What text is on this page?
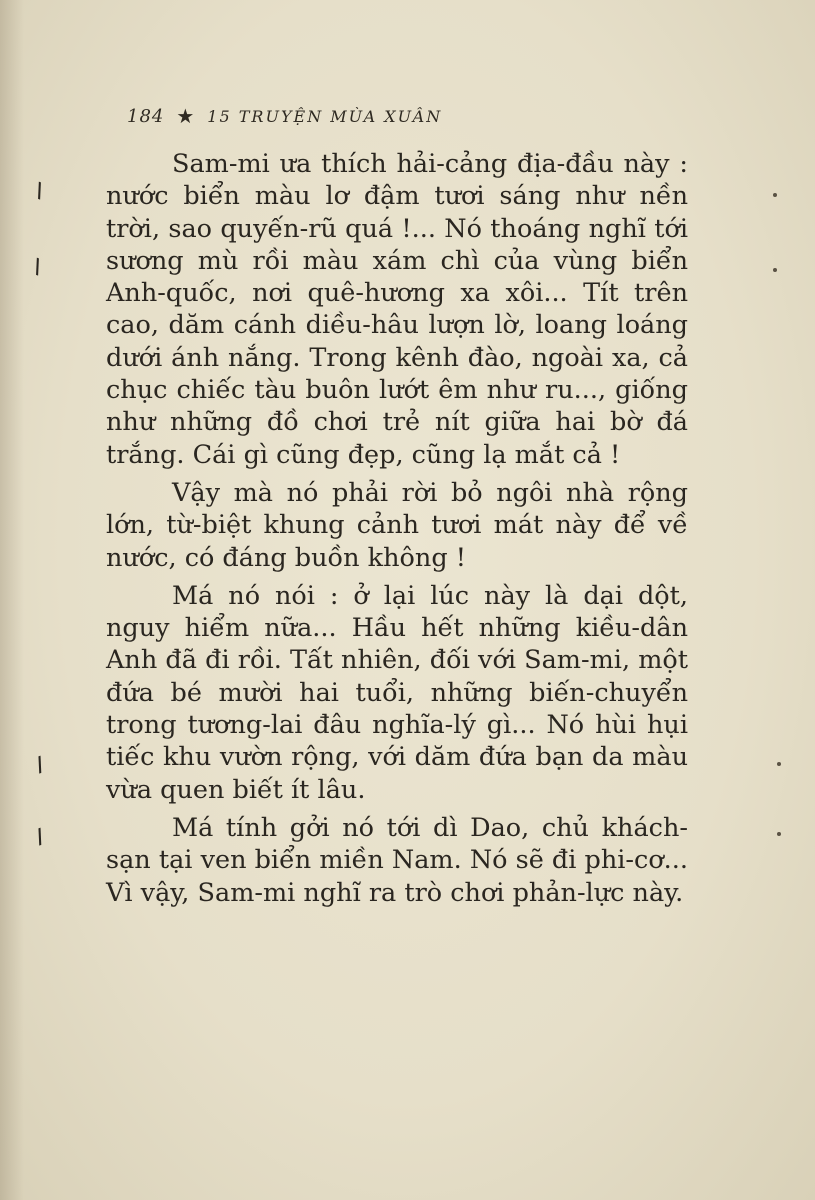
184 ★ 15 TRUYỆN MÙA XUÂN

Sam-mi ưa thích hải-cảng địa-đầu này : nước biển màu lơ đậm tươi sáng như nền trời, sao quyến-rũ quá !... Nó thoáng nghĩ tới sương mù rồi màu xám chì của vùng biển Anh-quốc, nơi quê-hương xa xôi... Tít trên cao, dăm cánh diều-hâu lượn lờ, loang loáng dưới ánh nắng. Trong kênh đào, ngoài xa, cả chục chiếc tàu buôn lướt êm như ru..., giống như những đồ chơi trẻ nít giữa hai bờ đá trắng. Cái gì cũng đẹp, cũng lạ mắt cả !

Vậy mà nó phải rời bỏ ngôi nhà rộng lớn, từ-biệt khung cảnh tươi mát này để về nước, có đáng buồn không !

Má nó nói : ở lại lúc này là dại dột, nguy hiểm nữa... Hầu hết những kiều-dân Anh đã đi rồi. Tất nhiên, đối với Sam-mi, một đứa bé mười hai tuổi, những biến-chuyển trong tương-lai đâu nghĩa-lý gì... Nó hùi hụi tiếc khu vườn rộng, với dăm đứa bạn da màu vừa quen biết ít lâu.

Má tính gởi nó tới dì Dao, chủ khách-sạn tại ven biển miền Nam. Nó sẽ đi phi-cơ... Vì vậy, Sam-mi nghĩ ra trò chơi phản-lực này.

\
\
/
/
